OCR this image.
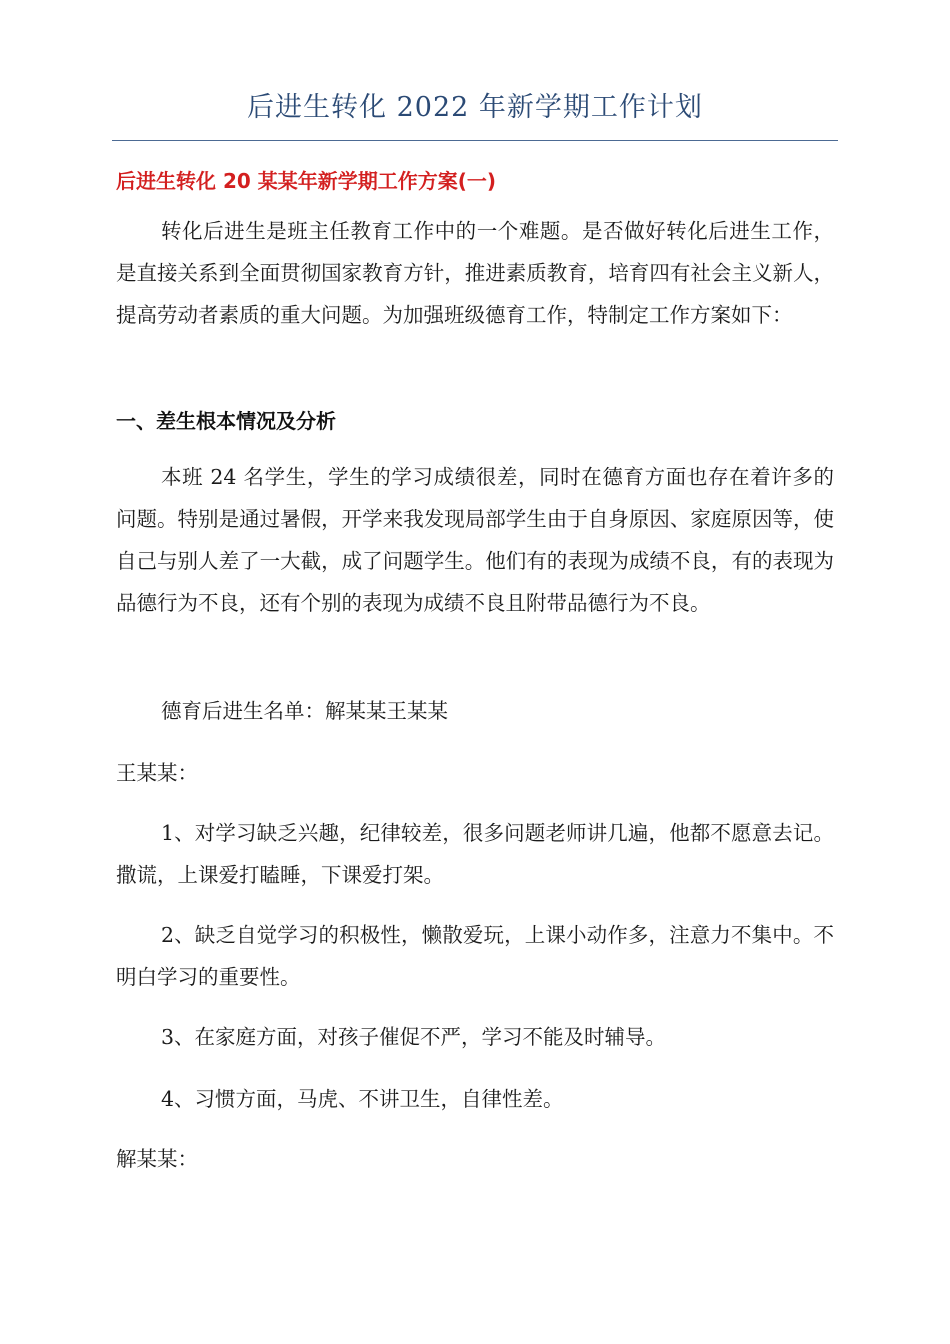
后进生转化 2022 年新学期工作计划
后进生转化 20 某某年新学期工作方案(一)
转化后进生是班主任教育工作中的一个难题。是否做好转化后进生工作，是直接关系到全面贯彻国家教育方针，推进素质教育，培育四有社会主义新人，提高劳动者素质的重大问题。为加强班级德育工作，特制定工作方案如下：
一、差生根本情况及分析
本班 24 名学生，学生的学习成绩很差，同时在德育方面也存在着许多的问题。特别是通过暑假，开学来我发现局部学生由于自身原因、家庭原因等，使自己与别人差了一大截，成了问题学生。他们有的表现为成绩不良，有的表现为品德行为不良，还有个别的表现为成绩不良且附带品德行为不良。
德育后进生名单：解某某王某某
王某某：
1、对学习缺乏兴趣，纪律较差，很多问题老师讲几遍，他都不愿意去记。撒谎，上课爱打瞌睡，下课爱打架。
2、缺乏自觉学习的积极性，懒散爱玩，上课小动作多，注意力不集中。不明白学习的重要性。
3、在家庭方面，对孩子催促不严，学习不能及时辅导。
4、习惯方面，马虎、不讲卫生，自律性差。
解某某：
